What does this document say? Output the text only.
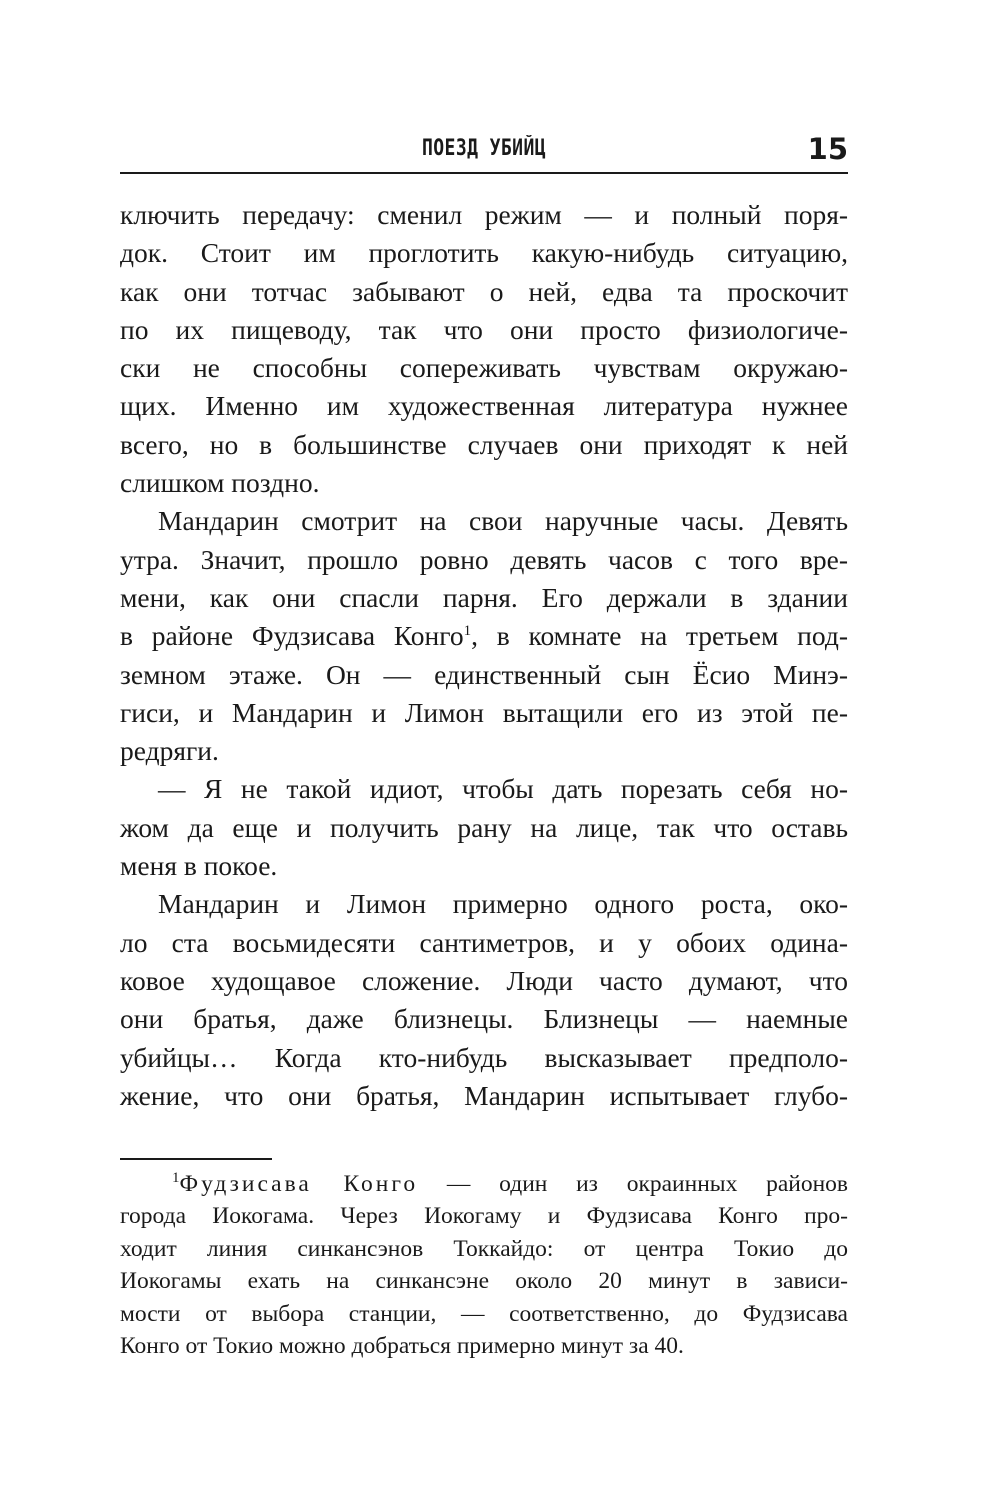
ПОЕЗД УБИЙЦ	15
ключить передачу: сменил режим — и полный поря-
док. Стоит им проглотить какую-нибудь ситуацию,
как они тотчас забывают о ней, едва та проскочит
по их пищеводу, так что они просто физиологиче-
ски не способны сопереживать чувствам окружаю-
щих. Именно им художественная литература нужнее
всего, но в большинстве случаев они приходят к ней
слишком поздно.
Мандарин смотрит на свои наручные часы. Девять
утра. Значит, прошло ровно девять часов с того вре-
мени, как они спасли парня. Его держали в здании
в районе Фудзисава Конго$^1$, в комнате на третьем под-
земном этаже. Он — единственный сын Ёсио Минэ-
гиси, и Мандарин и Лимон вытащили его из этой пе-
редряги.
— Я не такой идиот, чтобы дать порезать себя но-
жом да еще и получить рану на лице, так что оставь
меня в покое.
Мандарин и Лимон примерно одного роста, око-
ло ста восьмидесяти сантиметров, и у обоих одина-
ковое худощавое сложение. Люди часто думают, что
они братья, даже близнецы. Близнецы — наемные
убийцы… Когда кто-нибудь высказывает предполо-
жение, что они братья, Мандарин испытывает глубо-
$^1$Фудзисава Конго — один из окраинных районов
города Иокогама. Через Иокогаму и Фудзисава Конго про-
ходит линия синкансэнов Токкайдо: от центра Токио до
Иокогамы ехать на синкансэне около 20 минут в зависи-
мости от выбора станции, — соответственно, до Фудзисава
Конго от Токио можно добраться примерно минут за 40.
